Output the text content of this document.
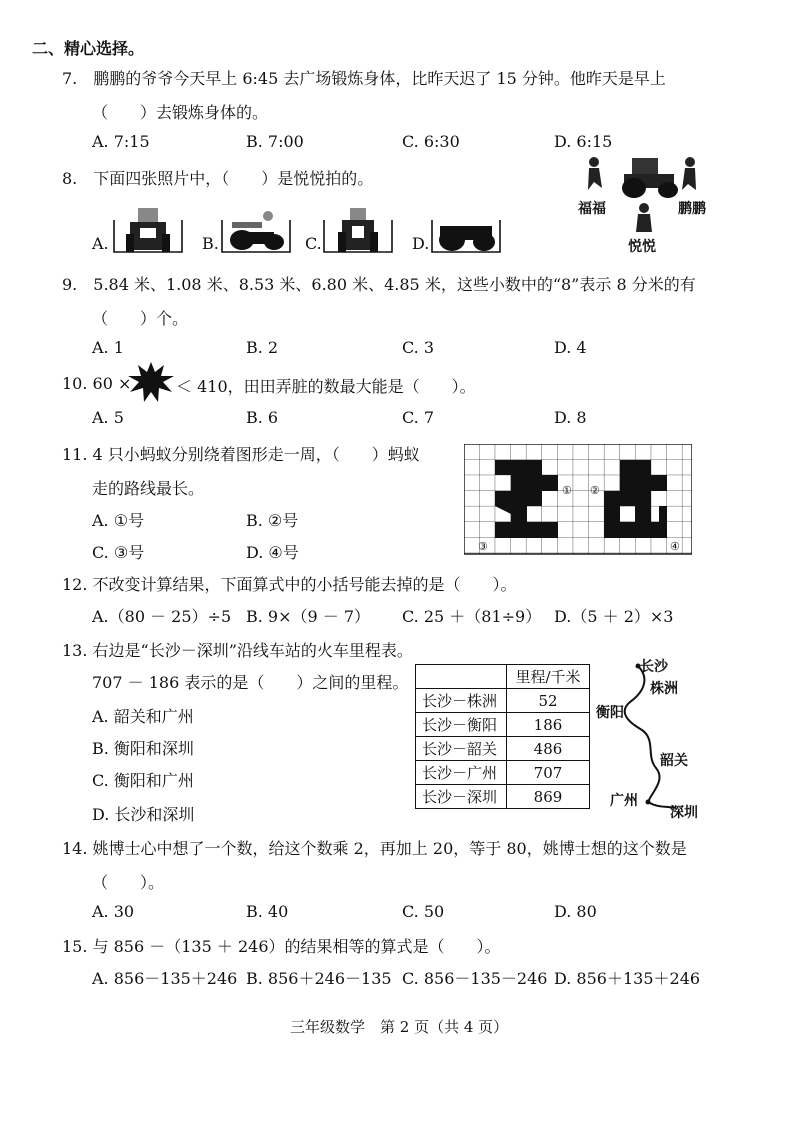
二、精心选择。
7.　鹏鹏的爷爷今天早上 6:45 去广场锻炼身体，比昨天迟了 15 分钟。他昨天是早上
（　　）去锻炼身体的。
A. 7:15	B. 7:00	C. 6:30	D. 6:15
8.　下面四张照片中，（　　）是悦悦拍的。
A.	B.	C.	D.
福福	鹏鹏
悦悦
9.　5.84 米、1.08 米、8.53 米、6.80 米、4.85 米，这些小数中的“8”表示 8 分米的有
（　　）个。
A. 1	B. 2	C. 3	D. 4
10. 60 ×	＜ 410，田田弄脏的数最大能是（　　）。
A. 5	B. 6	C. 7	D. 8
11. 4 只小蚂蚁分别绕着图形走一周，（　　）蚂蚁
走的路线最长。
A. ①号	B. ②号
C. ③号	D. ④号
① ②
③	④
12. 不改变计算结果，下面算式中的小括号能去掉的是（　　）。
A.（80 － 25）÷5 B. 9×（9 － 7） C. 25 ＋（81÷9） D.（5 ＋ 2）×3
13. 右边是“长沙－深圳”沿线车站的火车里程表。
707 － 186 表示的是（　　）之间的里程。
A. 韶关和广州
B. 衡阳和深圳
C. 衡阳和广州
D. 长沙和深圳
	里程/千米
长沙－株洲	52
长沙－衡阳	186
长沙－韶关	486
长沙－广州	707
长沙－深圳	869
长沙
株洲
衡阳
韶关
广州
深圳
14. 姚博士心中想了一个数，给这个数乘 2，再加上 20，等于 80，姚博士想的这个数是
（　　）。
A. 30	B. 40	C. 50	D. 80
15. 与 856 －（135 ＋ 246）的结果相等的算式是（　　）。
A. 856－135＋246 B. 856＋246－135 C. 856－135－246 D. 856＋135＋246
三年级数学　第 2 页（共 4 页）
